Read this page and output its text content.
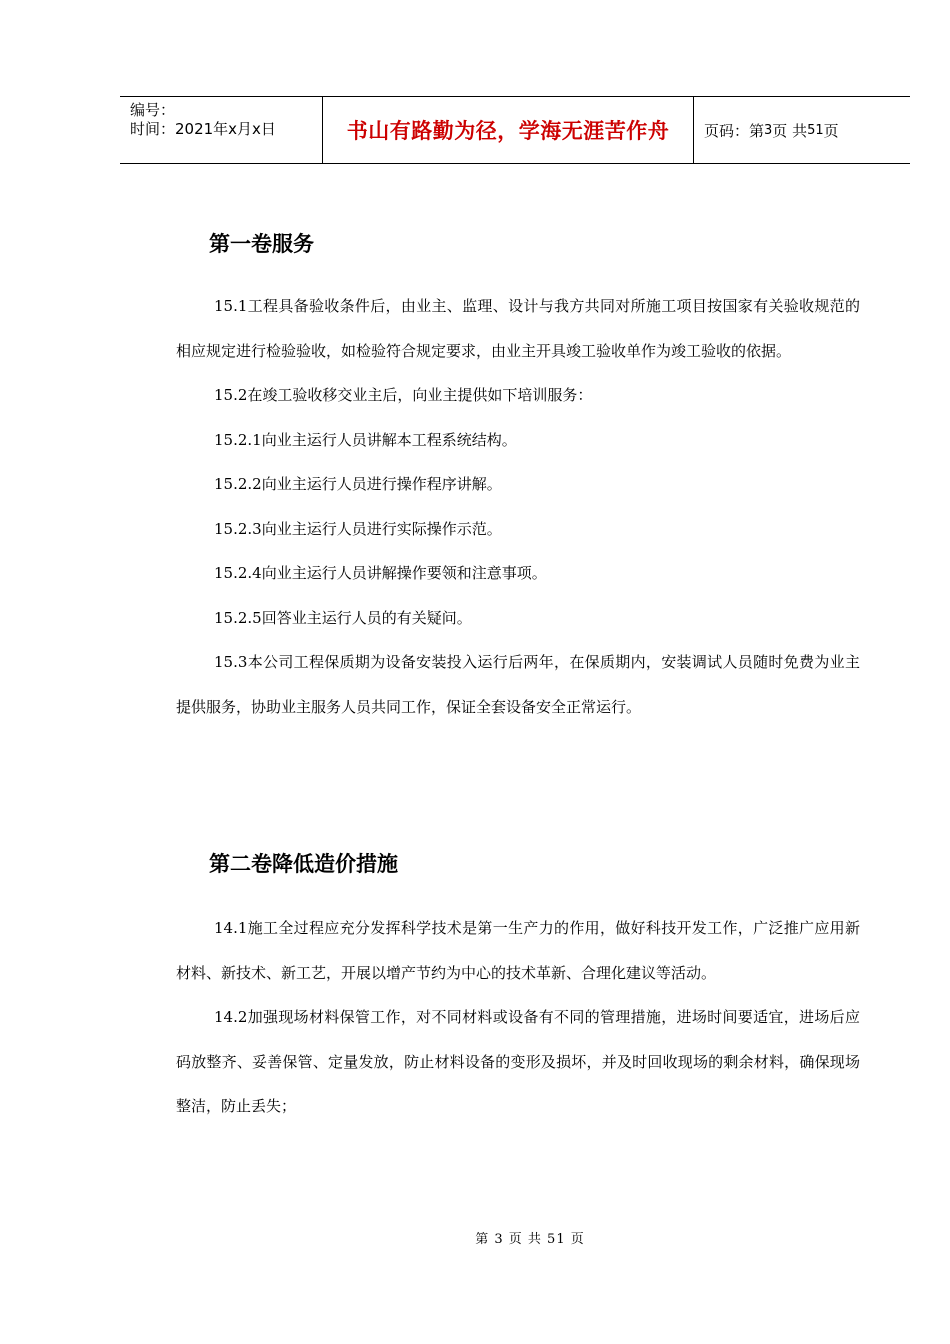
编号：
时间：2021年x月x日	书山有路勤为径，学海无涯苦作舟 页码：第 3 页 共 51 页
第一卷服务

15.1工程具备验收条件后，由业主、监理、设计与我方共同对所施工项目按国家有关验收规范的相应规定进行检验验收，如检验符合规定要求，由业主开具竣工验收单作为竣工验收的依据。

15.2在竣工验收移交业主后，向业主提供如下培训服务：

15.2.1向业主运行人员讲解本工程系统结构。

15.2.2向业主运行人员进行操作程序讲解。

15.2.3向业主运行人员进行实际操作示范。

15.2.4向业主运行人员讲解操作要领和注意事项。

15.2.5回答业主运行人员的有关疑问。

15.3本公司工程保质期为设备安装投入运行后两年，在保质期内，安装调试人员随时免费为业主提供服务，协助业主服务人员共同工作，保证全套设备安全正常运行。

第二卷降低造价措施

14.1施工全过程应充分发挥科学技术是第一生产力的作用，做好科技开发工作，广泛推广应用新材料、新技术、新工艺，开展以增产节约为中心的技术革新、合理化建议等活动。

14.2加强现场材料保管工作，对不同材料或设备有不同的管理措施，进场时间要适宜，进场后应码放整齐、妥善保管、定量发放，防止材料设备的变形及损坏，并及时回收现场的剩余材料，确保现场整洁，防止丢失；

第 3 页 共 51 页
